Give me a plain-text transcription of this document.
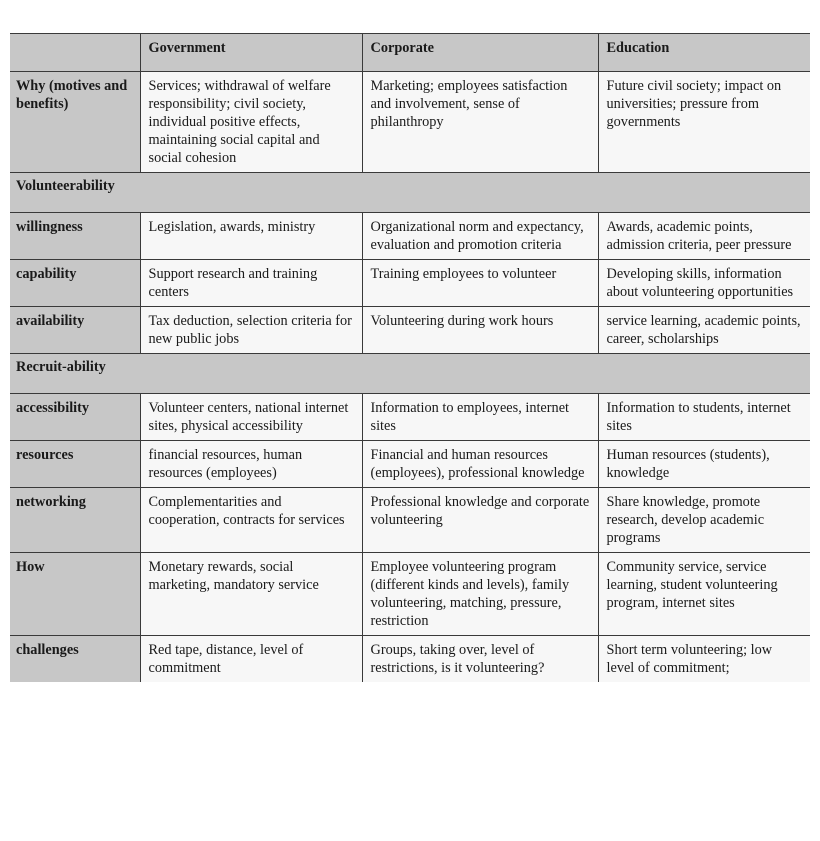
	Government	Corporate	Education
Why (motives and benefits)	Services; withdrawal of welfare responsibility; civil society, individual positive effects, maintaining social capital and social cohesion	Marketing; employees satisfaction and involvement, sense of philanthropy	Future civil society; impact on universities; pressure from governments
Volunteerability			
willingness	Legislation, awards, ministry	Organizational norm and expectancy, evaluation and promotion criteria	Awards, academic points, admission criteria, peer pressure
capability	Support research and training centers	Training employees to volunteer	Developing skills, information about volunteering opportunities
availability	Tax deduction, selection criteria for new public jobs	Volunteering during work hours	service learning, academic points, career, scholarships
Recruit-ability			
accessibility	Volunteer centers, national internet sites, physical accessibility	Information to employees, internet sites	Information to students, internet sites
resources	financial resources, human resources (employees)	Financial and human resources (employees), professional knowledge	Human resources (students), knowledge
networking	Complementarities and cooperation, contracts for services	Professional knowledge and corporate volunteering	Share knowledge, promote research, develop academic programs
How	Monetary rewards, social marketing, mandatory service	Employee volunteering program (different kinds and levels), family volunteering, matching, pressure, restriction	Community service, service learning, student volunteering program, internet sites
challenges	Red tape, distance, level of commitment	Groups, taking over, level of restrictions, is it volunteering?	Short term volunteering; low level of commitment;
